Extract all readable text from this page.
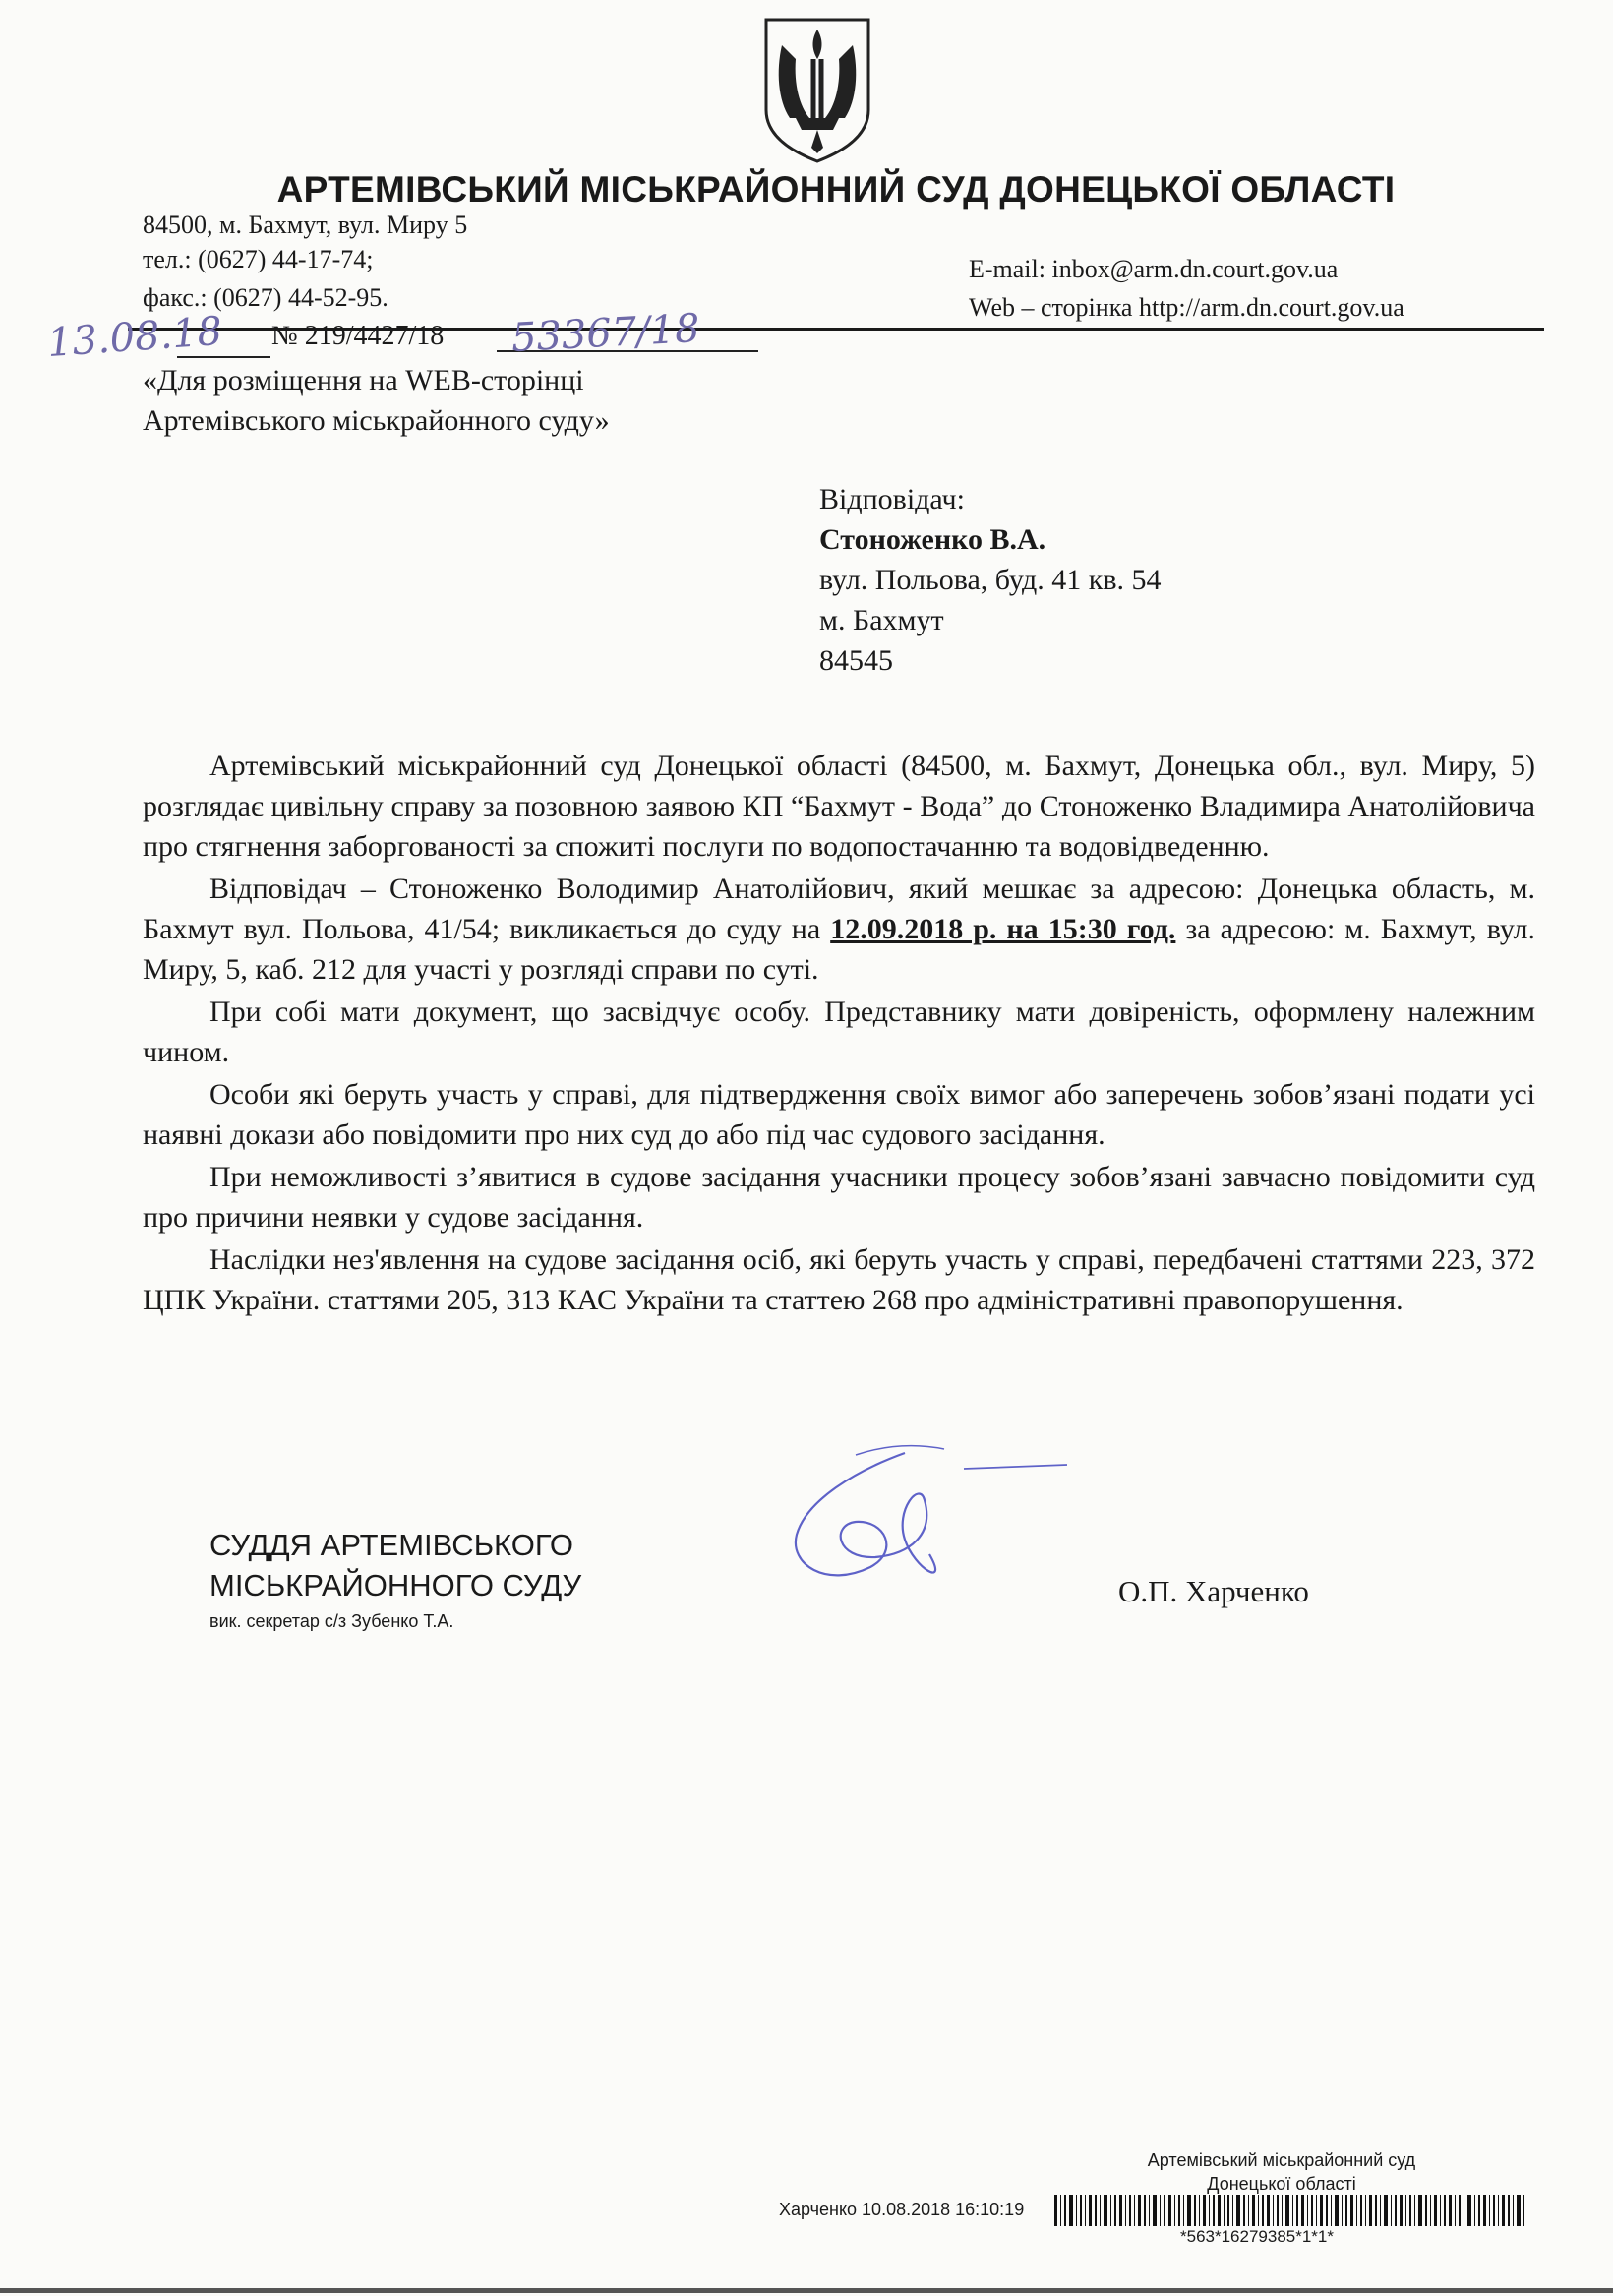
АРТЕМІВСЬКИЙ МІСЬКРАЙОННИЙ СУД ДОНЕЦЬКОЇ ОБЛАСТІ
84500, м. Бахмут, вул. Миру 5
тел.: (0627) 44-17-74;
факс.: (0627) 44-52-95.
E-mail: inbox@arm.dn.court.gov.ua
Web – сторінка http://arm.dn.court.gov.ua
13.08.18 № 219/4427/18 53367/18
«Для розміщення на WEB-сторінці
Артемівського міськрайонного суду»
Відповідач:
Стоноженко В.А.
вул. Польова, буд. 41 кв. 54
м. Бахмут
84545

Артемівський міськрайонний суд Донецької області (84500, м. Бахмут, Донецька обл., вул. Миру, 5) розглядає цивільну справу за позовною заявою КП “Бахмут - Вода” до Стоноженко Владимира Анатолійовича про стягнення заборгованості за спожиті послуги по водопостачанню та водовідведенню.

Відповідач – Стоноженко Володимир Анатолійович, який мешкає за адресою: Донецька область, м. Бахмут вул. Польова, 41/54; викликається до суду на 12.09.2018 р. на 15:30 год. за адресою: м. Бахмут, вул. Миру, 5, каб. 212 для участі у розгляді справи по суті.

При собі мати документ, що засвідчує особу. Представнику мати довіреність, оформлену належним чином.

Особи які беруть участь у справі, для підтвердження своїх вимог або заперечень зобов’язані подати усі наявні докази або повідомити про них суд до або під час судового засідання.

При неможливості з’явитися в судове засідання учасники процесу зобов’язані завчасно повідомити суд про причини неявки у судове засідання.

Наслідки нез'явлення на судове засідання осіб, які беруть участь у справі, передбачені статтями 223, 372 ЦПК України. статтями 205, 313 КАС України та статтею 268 про адміністративні правопорушення.

СУДДЯ АРТЕМІВСЬКОГО
МІСЬКРАЙОННОГО СУДУ
вик. секретар с/з Зубенко Т.А.
О.П. Харченко
Артемівський міськрайонний суд
Донецької області
Харченко 10.08.2018 16:10:19
*563*16279385*1*1*
